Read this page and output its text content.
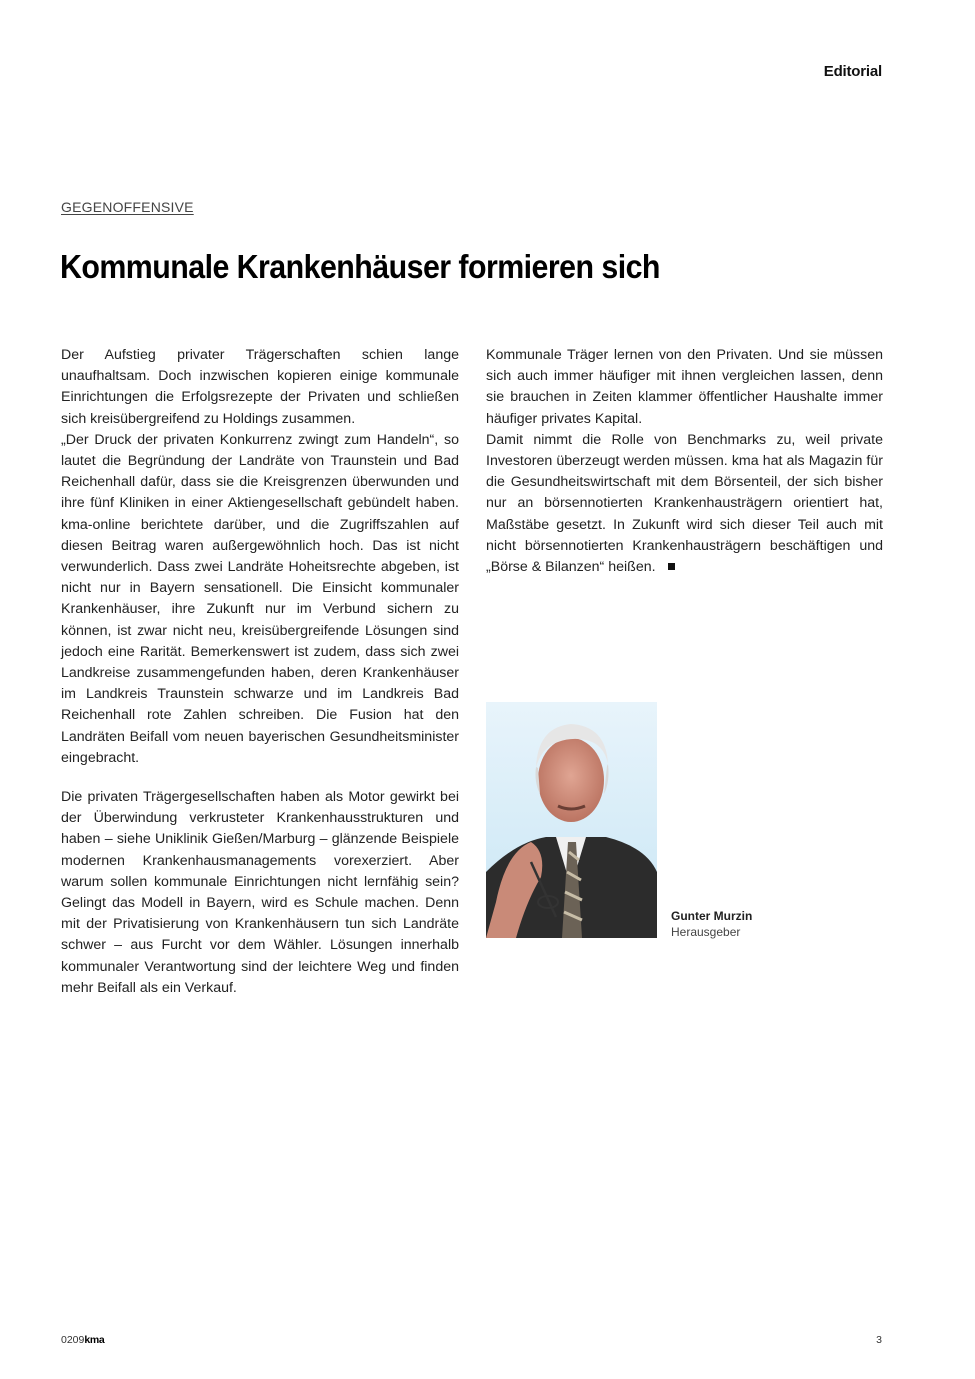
Editorial
GEGENOFFENSIVE
Kommunale Krankenhäuser formieren sich

Der Aufstieg privater Trägerschaften schien lange unaufhaltsam. Doch inzwischen kopieren einige kommunale Einrichtungen die Erfolgsrezepte der Privaten und schließen sich kreisübergreifend zu Holdings zusammen.

„Der Druck der privaten Konkurrenz zwingt zum Handeln“, so lautet die Begründung der Landräte von Traunstein und Bad Reichenhall dafür, dass sie die Kreisgrenzen überwunden und ihre fünf Kliniken in einer Aktiengesellschaft gebündelt haben. kma-online berichtete darüber, und die Zugriffszahlen auf diesen Beitrag waren außergewöhnlich hoch. Das ist nicht verwunderlich. Dass zwei Landräte Hoheitsrechte abgeben, ist nicht nur in Bayern sensationell. Die Einsicht kommunaler Krankenhäuser, ihre Zukunft nur im Verbund sichern zu können, ist zwar nicht neu, kreisübergreifende Lösungen sind jedoch eine Rarität. Bemerkenswert ist zudem, dass sich zwei Landkreise zusammengefunden haben, deren Krankenhäuser im Landkreis Traunstein schwarze und im Landkreis Bad Reichenhall rote Zahlen schreiben. Die Fusion hat den Landräten Beifall vom neuen bayerischen Gesundheitsminister eingebracht.

Die privaten Trägergesellschaften haben als Motor gewirkt bei der Überwindung verkrusteter Krankenhausstrukturen und haben – siehe Uniklinik Gießen/Marburg – glänzende Beispiele modernen Krankenhausmanagements vorexerziert. Aber warum sollen kommunale Einrichtungen nicht lernfähig sein? Gelingt das Modell in Bayern, wird es Schule machen. Denn mit der Privatisierung von Krankenhäusern tun sich Landräte schwer – aus Furcht vor dem Wähler. Lösungen innerhalb kommunaler Verantwortung sind der leichtere Weg und finden mehr Beifall als ein Verkauf.

Kommunale Träger lernen von den Privaten. Und sie müssen sich auch immer häufiger mit ihnen vergleichen lassen, denn sie brauchen in Zeiten klammer öffentlicher Haushalte immer häufiger privates Kapital.

Damit nimmt die Rolle von Benchmarks zu, weil private Investoren überzeugt werden müssen. kma hat als Magazin für die Gesundheitswirtschaft mit dem Börsenteil, der sich bisher nur an börsennotierten Krankenhausträgern orientiert hat, Maßstäbe gesetzt. In Zukunft wird sich dieser Teil auch mit nicht börsennotierten Krankenhausträgern beschäftigen und „Börse & Bilanzen“ heißen.

Gunter Murzin
Herausgeber
0209kma	3
